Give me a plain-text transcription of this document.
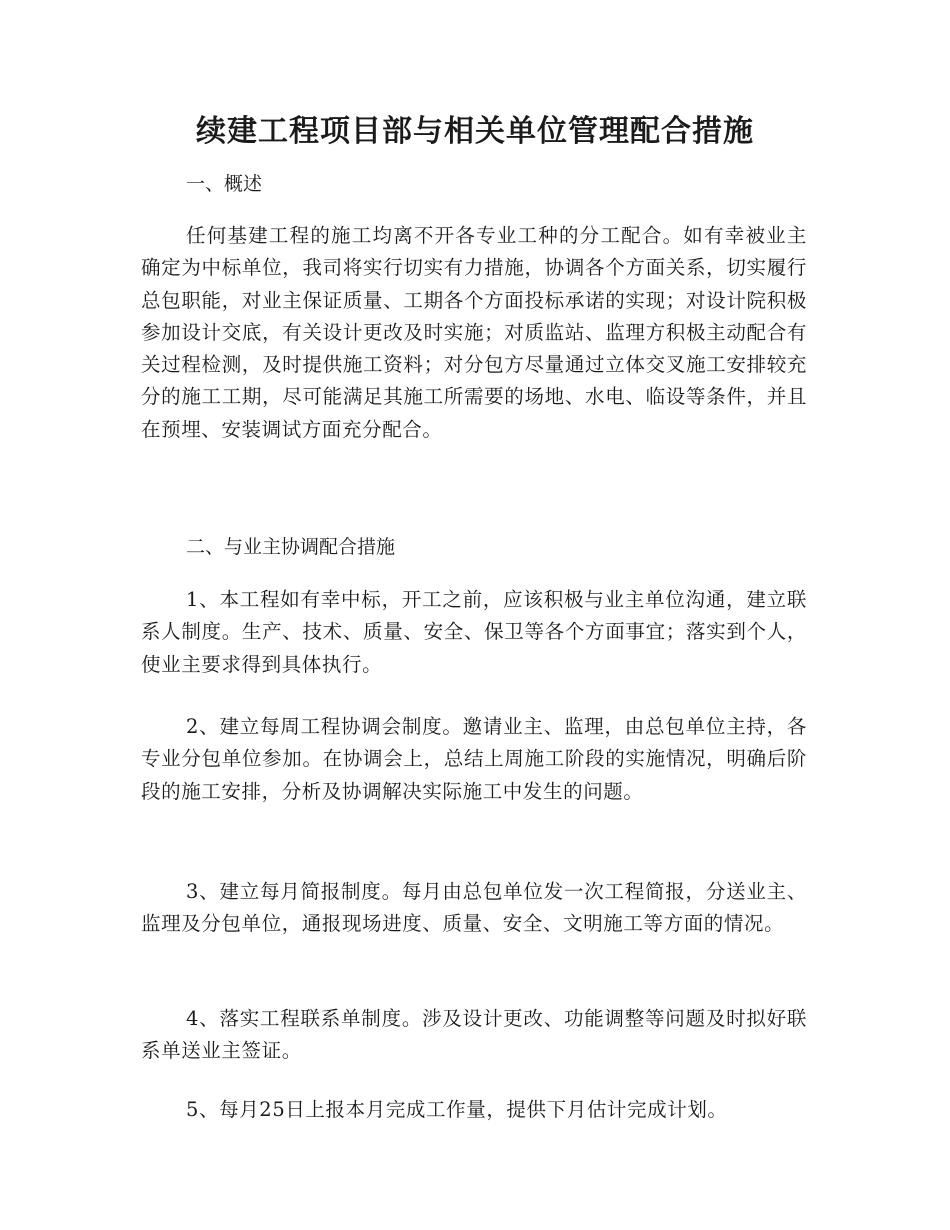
续建工程项目部与相关单位管理配合措施

一、概述

任何基建工程的施工均离不开各专业工种的分工配合。如有幸被业主确定为中标单位，我司将实行切实有力措施，协调各个方面关系，切实履行总包职能，对业主保证质量、工期各个方面投标承诺的实现；对设计院积极参加设计交底，有关设计更改及时实施；对质监站、监理方积极主动配合有关过程检测，及时提供施工资料；对分包方尽量通过立体交叉施工安排较充分的施工工期，尽可能满足其施工所需要的场地、水电、临设等条件，并且在预埋、安装调试方面充分配合。

二、与业主协调配合措施

1、本工程如有幸中标，开工之前，应该积极与业主单位沟通，建立联系人制度。生产、技术、质量、安全、保卫等各个方面事宜；落实到个人，使业主要求得到具体执行。

2、建立每周工程协调会制度。邀请业主、监理，由总包单位主持，各专业分包单位参加。在协调会上，总结上周施工阶段的实施情况，明确后阶段的施工安排，分析及协调解决实际施工中发生的问题。

3、建立每月简报制度。每月由总包单位发一次工程简报，分送业主、监理及分包单位，通报现场进度、质量、安全、文明施工等方面的情况。

4、落实工程联系单制度。涉及设计更改、功能调整等问题及时拟好联系单送业主签证。

5、每月25日上报本月完成工作量，提供下月估计完成计划。
